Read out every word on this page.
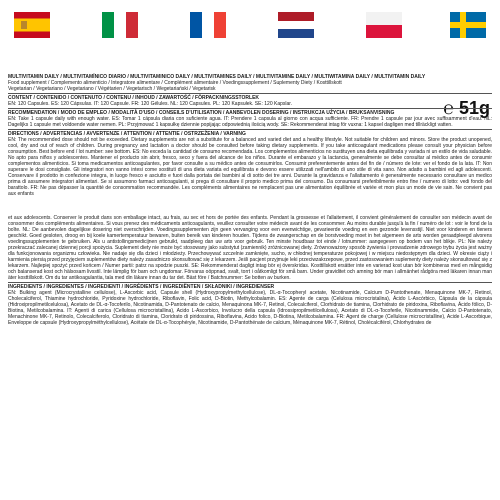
℮ 51g
MULTIVITAMIN DAILY / MULTIVITAMÍNICO DIARIO / MULTIVITAMINICO DAILY / MULTIVITAMINES DAILY / MULTIVITAMINE DAILY / MULTIWITAMINA DAILY / MULTIVITAMIN DAILY
Food supplement / Complemento alimenticio / Integratore alimentare / Complément alimentaire / Voedingssupplement / Suplementy Diety / Kosttillskott
Vegetarian / Vegetariano / Vegetariano / Végétarien / Vegetarisch / Wegetariański / Vegetarisk
CONTENT / CONTENIDO / CONTENUTO / CONTENU / INHOUD / ZAWARTOŚĆ / FÖRPACKNINGSSTORLEK
EN: 120 Capsules. ES: 120 Cápsulas. IT: 120 Capsule. FR: 120 Gélules. NL: 120 Capsules. PL: 120 Kapsułek. SE: 120 Kapslar.
RECOMMENDATION / MODO DE EMPLEO / MODALITÀ D'USO / CONSEILS D'UTILISATION / AANBEVOLEN DOSERING / INSTRUKCJA UŻYCIA / BRUKSANVISNING
EN: Take 1 capsule daily with enough water. ES: Tomar 1 cápsula diaria con suficiente agua. IT: Prendere 1 capsula al giorno con acqua sufficiente. FR: Prendre 1 capsule par jour avec suffisamment d'eau. NL: Dagelijks 1 capsule met voldoende water nemen. PL: Przyjmować 1 kapsułkę dziennie popijając odpowiednią ilością wody. SE: Rekommenderat intag för vuxna: 1 kapsel dagligen med tillräckligt vatten.
DIRECTIONS / ADVERTENCIAS / AVVERTENZE / ATTENTION / ATTENTIE / OSTRZEŻENIA / VARNING
EN: The recommended dose should not be exceeded. Dietary supplements are not a substitute for a balanced and varied diet and a healthy lifestyle. Not suitable for children and minors. Store the product unopened, cool, dry and out of reach of children. During pregnancy and lactation a doctor should be consulted before taking dietary supplements. If you take anticoagulant medications please consult your physician before consumption. Best before end / lot number: see bottom. ES: No exceda la cantidad de consumo recomendada. Los complementos alimenticios no sustituyen una dieta equilibrada y variada ni un estilo de vida saludable. No apto para niños y adolescentes. Mantener el producto sin abrir, fresco, seco y fuera del alcance de los niños. Durante el embarazo y la lactancia, generalmente se debe consultar al médico antes de consumir complementos alimenticios. Si toma medicamentos anticoagulantes, por favor consulte a su médico antes de consumirlos. Consumir preferentemente antes del fin de / número de lote: ver el fondo de la lata. IT: Non superare le dosi consigliate. Gli integratori non vanno intesi come sostituti di una dieta variata ed equilibrata e devono essere utilizzati nell'ambito di uno stile di vita sano. Non adatto a bambini ed agli adolescenti. Conservare il prodotto in confezione integra, in luogo fresco e asciutto e fuori dalla portata dei bambini al di sotto dei tre anni. Durante la gravidanza e l'allattamento è generalmente necessario consultare un medico prima di assumere integratori alimentari. Se si assumono farmaci anticoagulanti, si prega di consultare il proprio medico prima del consumo. Da consumarsi preferibilmente entro fine / numero di lotto: vedi fondo del barattolo. FR: Ne pas dépasser la quantité de consommation recommandée. Les compléments alimentaires ne remplacent pas une alimentation équilibrée et variée et mon plus un mode de vie sain. Ne convient pas aux enfants
et aux adolescents. Conserver le produit dans son emballage intact, au frais, au sec et hors de portée des enfants. Pendant la grossesse et l'allaitement, il convient généralement de consulter son médecin avant de consommer des compléments alimentaires. Si vous prenez des médicaments anticoagulants, veuillez consulter votre médecin avant de les consommer. Au moins durable jusqu'à la fin / numéro de lot : voir le fond de la boîte. NL: De aanbevolen dagelijkse dosering niet overschrijden. Voedingssupplementen zijn geen vervanging voor een evenwichtige, gevarieerde voeding en een gezonde levensstijl. Niet voor kinderen en tieners geschikt. Goed gesloten, droog en bij koele kamertemperatuur bewaren, buiten bereik van kinderen houden. Tijdens de zwangerschap en de borstvoeding moet in het algemeen de arts worden geraadpleegd alvorens voedingssupplementen te gebruiken. Als u antistollingsmedicijnen gebruikt, raadpleeg dan uw arts voor gebruik. Ten minste houdbaar tot einde / lotnummer: aangegeven op bodem van het blikje. PL: Nie należy przekraczać zalecanej dziennej porcji spożycia. Suplement diety nie może być stosowany jako substytut (zamiennik) zróżnicowanej diety. Zrównoważony sposób żywienia i prowadzenie zdrowego trybu życia jest ważny dla funkcjonowania organizmu człowieka. Nie nadaje się dla dzieci i młodzieży. Przechowywać szczelnie zamknięte, sucho, w chłodnej temperaturze pokojowej i w miejscu niedostępnym dla dzieci. W okresie ciąży i karmienia piersią przed przyjęciem suplementów diety należy zasadniczo skonsultować się z lekarzem. Jeśli pacjent przyjmuje leki przeciwzakrzepowe, przed zastosowaniem suplementy diety należy skonsultować się z lekarzem. Najlepiej spożyć przed końcem / Numer partii: patrz na spodzie puszki. SE: Rekommenderat dagligt intag bör ej överskridas. Kosttillskott ersätter inte en varierad kost utan bör kombineras med en mångsidig och balanserad kost och hälsosam livsstil. Inte lämplig för barn och ungdomar. Förvaras oöppnad, svalt, torrt i oåtkomligt för små barn. Under graviditet och amning bör man i allmänhet rådgöra med läkaren innan man äter kosttillskott. Om du tar antikoagulantia, tala med din läkare innan du tar det. Bäst före / Batchnummer: Se botten av burken.
INGREDIENTS / INGREDIENTES / INGREDIENTI / INGRÉDIENTS / INGREDIËNTEN / SKŁADNIKI / INGREDIENSER
EN: Bulking agent (Microcrystalline cellulose), L-Ascorbic acid, Capsule shell (Hydroxypropylmethylcellulose), DL-α-Tocopheryl acetate, Nicotinamide, Calcium D-Pantothenate, Menaquinone MK-7, Retinol, Cholecalciferol, Thiamine hydrochloride, Pyridoxine hydrochloride, Riboflavin, Folic acid, D-Biotin, Methylcobalamin. ES: Agente de carga (Celulosa microcristalina), Ácido L-Ascórbico, Cápsula de la cápsula (Hidroxipropilmetilcelulosa), Acetato de DL-α-Tocoferilo, Nicotinamida, D-Pantotenato de calcio, Menaquinona MK-7, Retinol, Colecalciferol, Clorhidrato de tiamina, Clorhidrato de piridoxina, Riboflavina, Ácido fólico, D-Biotina, Metilcobalamina. IT: Agenti di carica (Cellulosa microcristallina), Acido L-Ascorbico, Involucro della capsula (Idrossipropilmetilcellulosa), Acetato di DL-α-Tocoferile, Nicotinammide, Calcio D-Pantotenato, Menachinone MK-7, Retinolo, Colecalciferolo, Cloridrato di tiamina, Cloridrato di piridossina, Riboflavina, Acido folico, D-Biotina, Metilcobalamina. FR: Agent de charge (Cellulose microcristalline), Acide L-Ascorbique, Enveloppe de capsule (Hydroxypropylméthylcellulose), Acétate de DL-α-Tocophéryle, Nicotinamide, D-Pantothénate de calcium, Ménaquinone MK-7, Rétinol, Cholécalciférol, Chlorhydrates de
